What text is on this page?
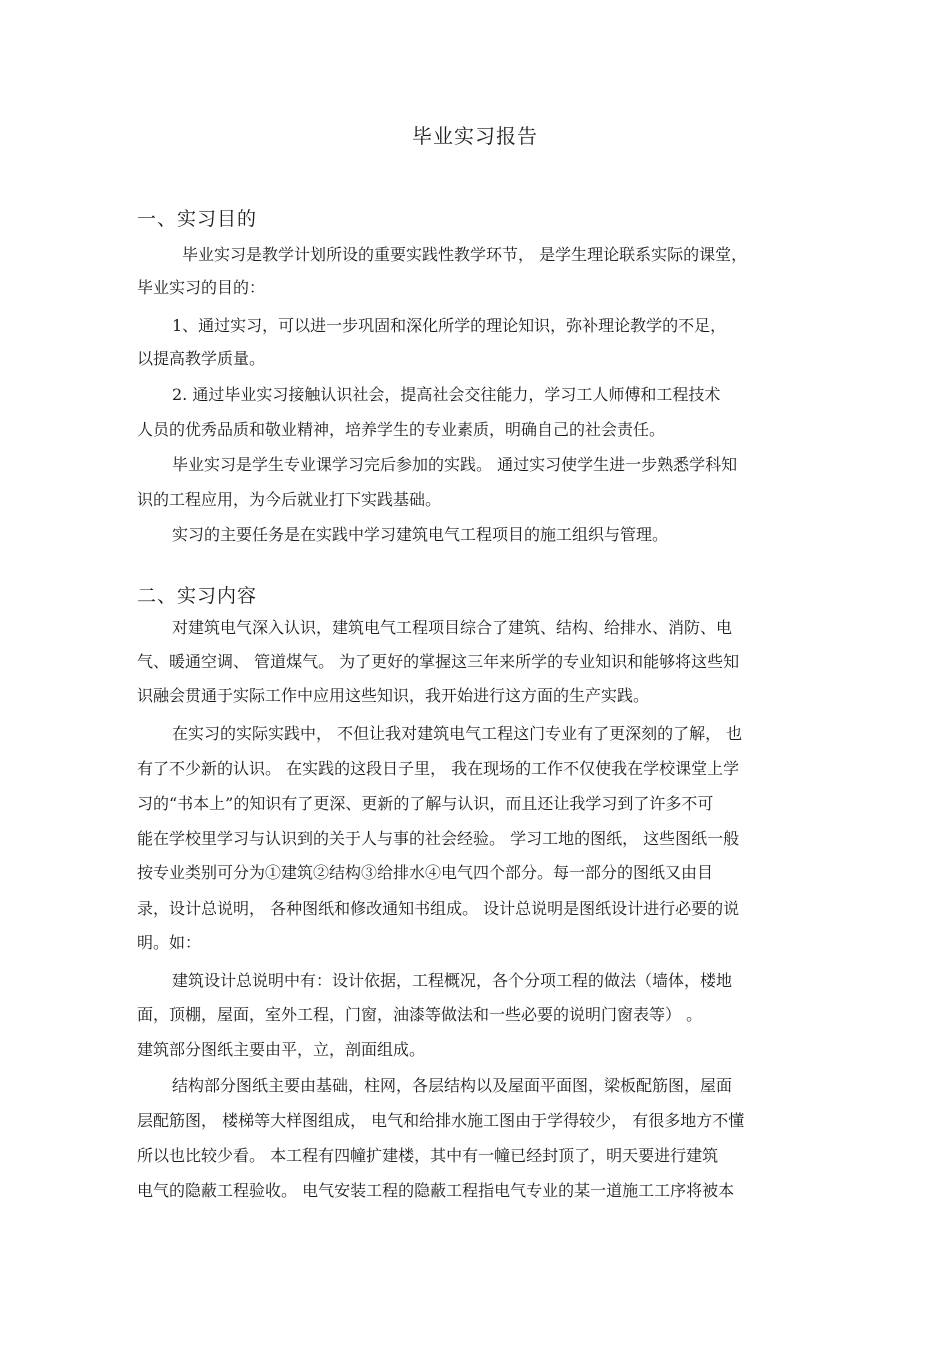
毕业实习报告
一、实习目的
毕业实习是教学计划所设的重要实践性教学环节， 是学生理论联系实际的课堂，
毕业实习的目的：
1、通过实习，可以进一步巩固和深化所学的理论知识，弥补理论教学的不足，
以提高教学质量。
2. 通过毕业实习接触认识社会，提高社会交往能力，学习工人师傅和工程技术
人员的优秀品质和敬业精神，培养学生的专业素质，明确自己的社会责任。
毕业实习是学生专业课学习完后参加的实践。 通过实习使学生进一步熟悉学科知
识的工程应用，为今后就业打下实践基础。
实习的主要任务是在实践中学习建筑电气工程项目的施工组织与管理。
二、实习内容
对建筑电气深入认识，建筑电气工程项目综合了建筑、结构、给排水、消防、电
气、暖通空调、 管道煤气。 为了更好的掌握这三年来所学的专业知识和能够将这些知
识融会贯通于实际工作中应用这些知识，我开始进行这方面的生产实践。
在实习的实际实践中， 不但让我对建筑电气工程这门专业有了更深刻的了解， 也
有了不少新的认识。 在实践的这段日子里， 我在现场的工作不仅使我在学校课堂上学
习的“书本上”的知识有了更深、更新的了解与认识，而且还让我学习到了许多不可
能在学校里学习与认识到的关于人与事的社会经验。 学习工地的图纸， 这些图纸一般
按专业类别可分为①建筑②结构③给排水④电气四个部分。每一部分的图纸又由目
录，设计总说明， 各种图纸和修改通知书组成。 设计总说明是图纸设计进行必要的说
明。如：
建筑设计总说明中有：设计依据，工程概况，各个分项工程的做法（墙体，楼地
面，顶棚，屋面，室外工程，门窗，油漆等做法和一些必要的说明门窗表等） 。
建筑部分图纸主要由平，立，剖面组成。
结构部分图纸主要由基础，柱网，各层结构以及屋面平面图，梁板配筋图，屋面
层配筋图， 楼梯等大样图组成， 电气和给排水施工图由于学得较少， 有很多地方不懂
所以也比较少看。 本工程有四幢扩建楼，其中有一幢已经封顶了，明天要进行建筑
电气的隐蔽工程验收。 电气安装工程的隐蔽工程指电气专业的某一道施工工序将被本
